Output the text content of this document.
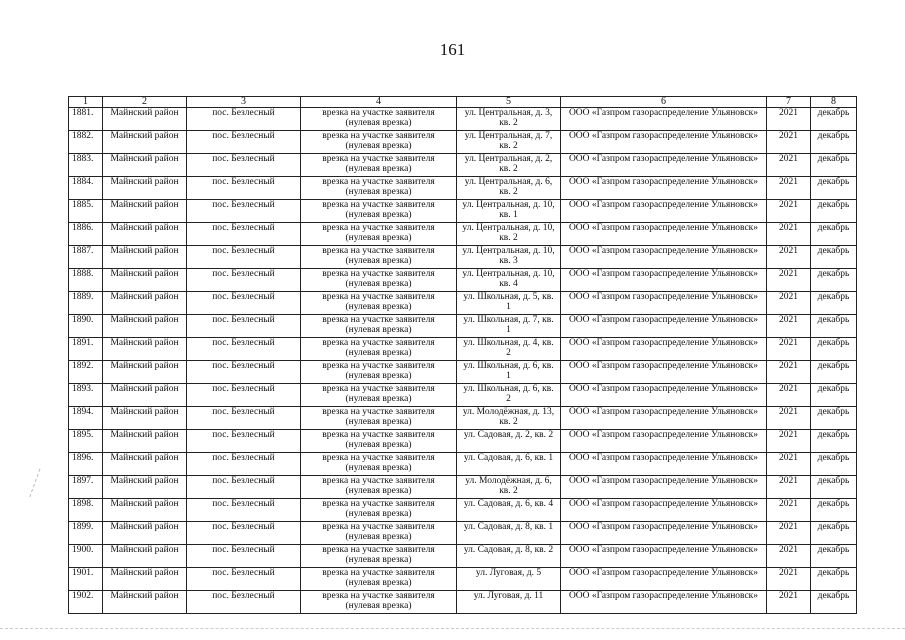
161
1	2	3	4	5	6	7	8
1881.	Майнский район	пос. Безлесный	врезка на участке заявителя (нулевая врезка)	ул. Центральная, д. 3, кв. 2	ООО «Газпром газораспределение Ульяновск»	2021	декабрь
1882.	Майнский район	пос. Безлесный	врезка на участке заявителя (нулевая врезка)	ул. Центральная, д. 7, кв. 2	ООО «Газпром газораспределение Ульяновск»	2021	декабрь
1883.	Майнский район	пос. Безлесный	врезка на участке заявителя (нулевая врезка)	ул. Центральная, д. 2, кв. 2	ООО «Газпром газораспределение Ульяновск»	2021	декабрь
1884.	Майнский район	пос. Безлесный	врезка на участке заявителя (нулевая врезка)	ул. Центральная, д. 6, кв. 2	ООО «Газпром газораспределение Ульяновск»	2021	декабрь
1885.	Майнский район	пос. Безлесный	врезка на участке заявителя (нулевая врезка)	ул. Центральная, д. 10, кв. 1	ООО «Газпром газораспределение Ульяновск»	2021	декабрь
1886.	Майнский район	пос. Безлесный	врезка на участке заявителя (нулевая врезка)	ул. Центральная, д. 10, кв. 2	ООО «Газпром газораспределение Ульяновск»	2021	декабрь
1887.	Майнский район	пос. Безлесный	врезка на участке заявителя (нулевая врезка)	ул. Центральная, д. 10, кв. 3	ООО «Газпром газораспределение Ульяновск»	2021	декабрь
1888.	Майнский район	пос. Безлесный	врезка на участке заявителя (нулевая врезка)	ул. Центральная, д. 10, кв. 4	ООО «Газпром газораспределение Ульяновск»	2021	декабрь
1889.	Майнский район	пос. Безлесный	врезка на участке заявителя (нулевая врезка)	ул. Школьная, д. 5, кв. 1	ООО «Газпром газораспределение Ульяновск»	2021	декабрь
1890.	Майнский район	пос. Безлесный	врезка на участке заявителя (нулевая врезка)	ул. Школьная, д. 7, кв. 1	ООО «Газпром газораспределение Ульяновск»	2021	декабрь
1891.	Майнский район	пос. Безлесный	врезка на участке заявителя (нулевая врезка)	ул. Школьная, д. 4, кв. 2	ООО «Газпром газораспределение Ульяновск»	2021	декабрь
1892.	Майнский район	пос. Безлесный	врезка на участке заявителя (нулевая врезка)	ул. Школьная, д. 6, кв. 1	ООО «Газпром газораспределение Ульяновск»	2021	декабрь
1893.	Майнский район	пос. Безлесный	врезка на участке заявителя (нулевая врезка)	ул. Школьная, д. 6, кв. 2	ООО «Газпром газораспределение Ульяновск»	2021	декабрь
1894.	Майнский район	пос. Безлесный	врезка на участке заявителя (нулевая врезка)	ул. Молодёжная, д. 13, кв. 2	ООО «Газпром газораспределение Ульяновск»	2021	декабрь
1895.	Майнский район	пос. Безлесный	врезка на участке заявителя (нулевая врезка)	ул. Садовая, д. 2, кв. 2	ООО «Газпром газораспределение Ульяновск»	2021	декабрь
1896.	Майнский район	пос. Безлесный	врезка на участке заявителя (нулевая врезка)	ул. Садовая, д. 6, кв. 1	ООО «Газпром газораспределение Ульяновск»	2021	декабрь
1897.	Майнский район	пос. Безлесный	врезка на участке заявителя (нулевая врезка)	ул. Молодёжная, д. 6, кв. 2	ООО «Газпром газораспределение Ульяновск»	2021	декабрь
1898.	Майнский район	пос. Безлесный	врезка на участке заявителя (нулевая врезка)	ул. Садовая, д. 6, кв. 4	ООО «Газпром газораспределение Ульяновск»	2021	декабрь
1899.	Майнский район	пос. Безлесный	врезка на участке заявителя (нулевая врезка)	ул. Садовая, д. 8, кв. 1	ООО «Газпром газораспределение Ульяновск»	2021	декабрь
1900.	Майнский район	пос. Безлесный	врезка на участке заявителя (нулевая врезка)	ул. Садовая, д. 8, кв. 2	ООО «Газпром газораспределение Ульяновск»	2021	декабрь
1901.	Майнский район	пос. Безлесный	врезка на участке заявителя (нулевая врезка)	ул. Луговая, д. 5	ООО «Газпром газораспределение Ульяновск»	2021	декабрь
1902.	Майнский район	пос. Безлесный	врезка на участке заявителя (нулевая врезка)	ул. Луговая, д. 11	ООО «Газпром газораспределение Ульяновск»	2021	декабрь
